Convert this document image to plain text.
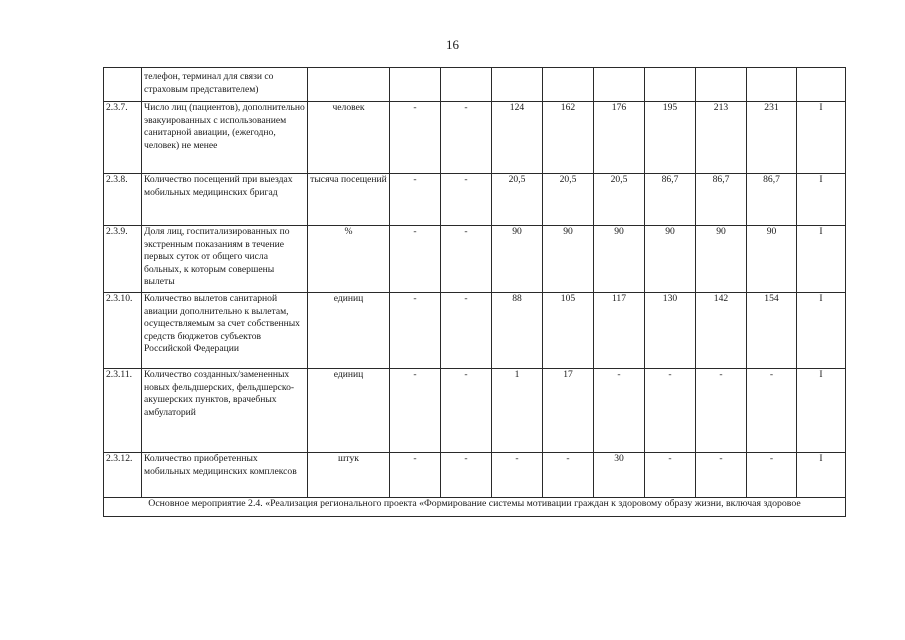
16
	телефон, терминал для связи со страховым представителем)										
2.3.7.	Число лиц (пациентов), дополнительно эвакуированных с использованием санитарной авиации, (ежегодно, человек) не менее	человек	-	-	124	162	176	195	213	231	I
2.3.8.	Количество посещений при выездах мобильных медицинских бригад	тысяча посещений	-	-	20,5	20,5	20,5	86,7	86,7	86,7	I
2.3.9.	Доля лиц, госпитализированных по экстренным показаниям в течение первых суток от общего числа больных, к которым совершены вылеты	%	-	-	90	90	90	90	90	90	I
2.3.10.	Количество вылетов санитарной авиации дополнительно к вылетам, осуществляемым за счет собственных средств бюджетов субъектов Российской Федерации	единиц	-	-	88	105	117	130	142	154	I
2.3.11.	Количество созданных/замененных новых фельдшерских, фельдшерско-акушерских пунктов, врачебных амбулаторий	единиц	-	-	1	17	-	-	-	-	I
2.3.12.	Количество приобретенных мобильных медицинских комплексов	штук	-	-	-	-	30	-	-	-	I
Основное мероприятие 2.4. «Реализация регионального проекта «Формирование системы мотивации граждан к здоровому образу жизни, включая здоровое											
